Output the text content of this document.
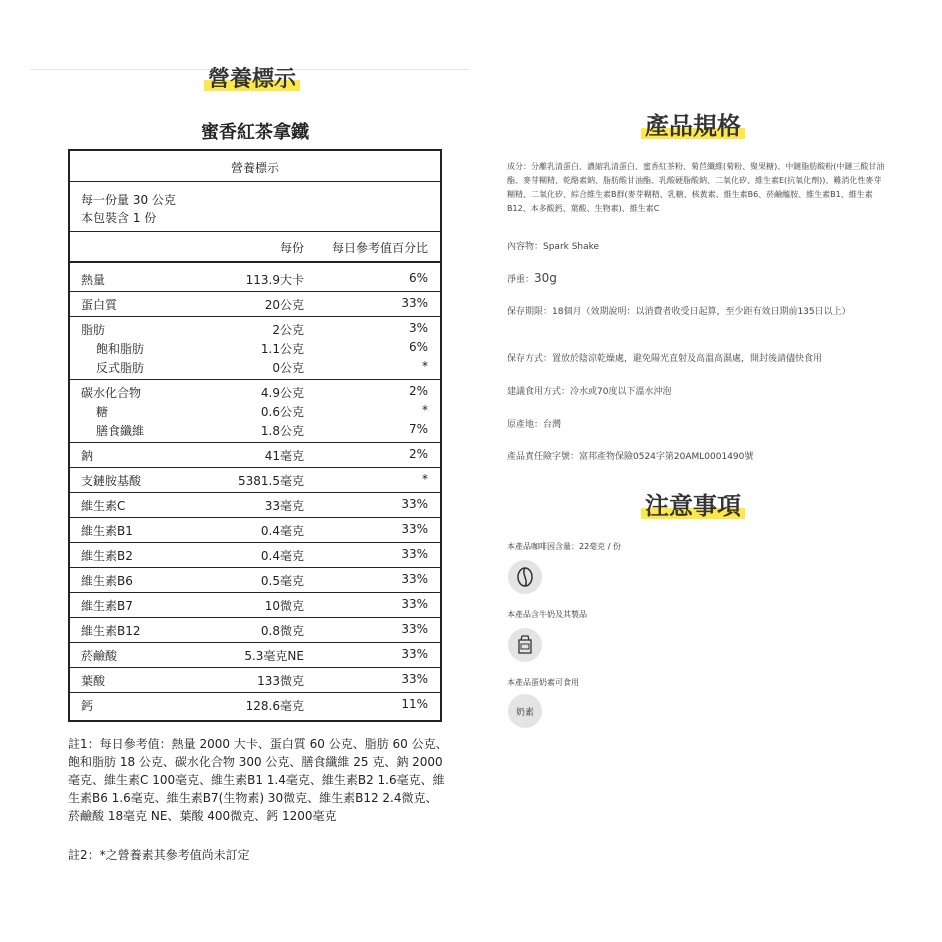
營養標示
蜜香紅茶拿鐵
營養標示
每一份量 30 公克
本包裝含 1 份
每份 每日參考值百分比
熱量	113.9大卡	6%
蛋白質	20公克	33%
脂肪	2公克	3%
飽和脂肪	1.1公克	6%
反式脂肪	0公克	*
碳水化合物	4.9公克	2%
糖	0.6公克	*
膳食纖維	1.8公克	7%
鈉	41毫克	2%
支鏈胺基酸	5381.5毫克	*
維生素C	33毫克	33%
維生素B1	0.4毫克	33%
維生素B2	0.4毫克	33%
維生素B6	0.5毫克	33%
維生素B7	10微克	33%
維生素B12	0.8微克	33%
菸鹼酸	5.3毫克NE	33%
葉酸	133微克	33%
鈣	128.6毫克	11%
註1：每日參考值：熱量 2000 大卡、蛋白質 60 公克、脂肪 60 公克、飽和脂肪 18 公克、碳水化合物 300 公克、膳食纖維 25 克、鈉 2000 毫克、維生素C 100毫克、維生素B1 1.4毫克、維生素B2 1.6毫克、維生素B6 1.6毫克、維生素B7(生物素) 30微克、維生素B12 2.4微克、菸鹼酸 18毫克 NE、葉酸 400微克、鈣 1200毫克
註2：*之營養素其參考值尚未訂定
產品規格
成分：分離乳清蛋白、濃縮乳清蛋白、蜜香紅茶粉、菊苣纖維(菊粉、聚果糖)、中鏈脂肪酸粉(中鏈三酸甘油酯、麥芽糊精、乾酪素鈉、脂肪酸甘油酯、乳酸硬脂酸鈉、二氧化矽、維生素E(抗氧化劑))、難消化性麥芽糊精、二氧化矽、綜合維生素B群(麥芽糊精、乳糖、核黃素、維生素B6、菸鹼醯胺、維生素B1、維生素B12、本多酸鈣、葉酸、生物素)、維生素C
內容物：Spark Shake
淨重：30g
保存期限：18個月（效期說明：以消費者收受日起算，至少距有效日期前135日以上）
保存方式：置放於陰涼乾燥處，避免陽光直射及高溫高濕處，開封後請儘快食用
建議食用方式：冷水或70度以下溫水沖泡
原產地：台灣
產品責任險字號：富邦產物保險0524字第20AML0001490號
注意事項
本產品咖啡因含量：22毫克 / 份
本產品含牛奶及其製品
本產品蛋奶素可食用
奶素
